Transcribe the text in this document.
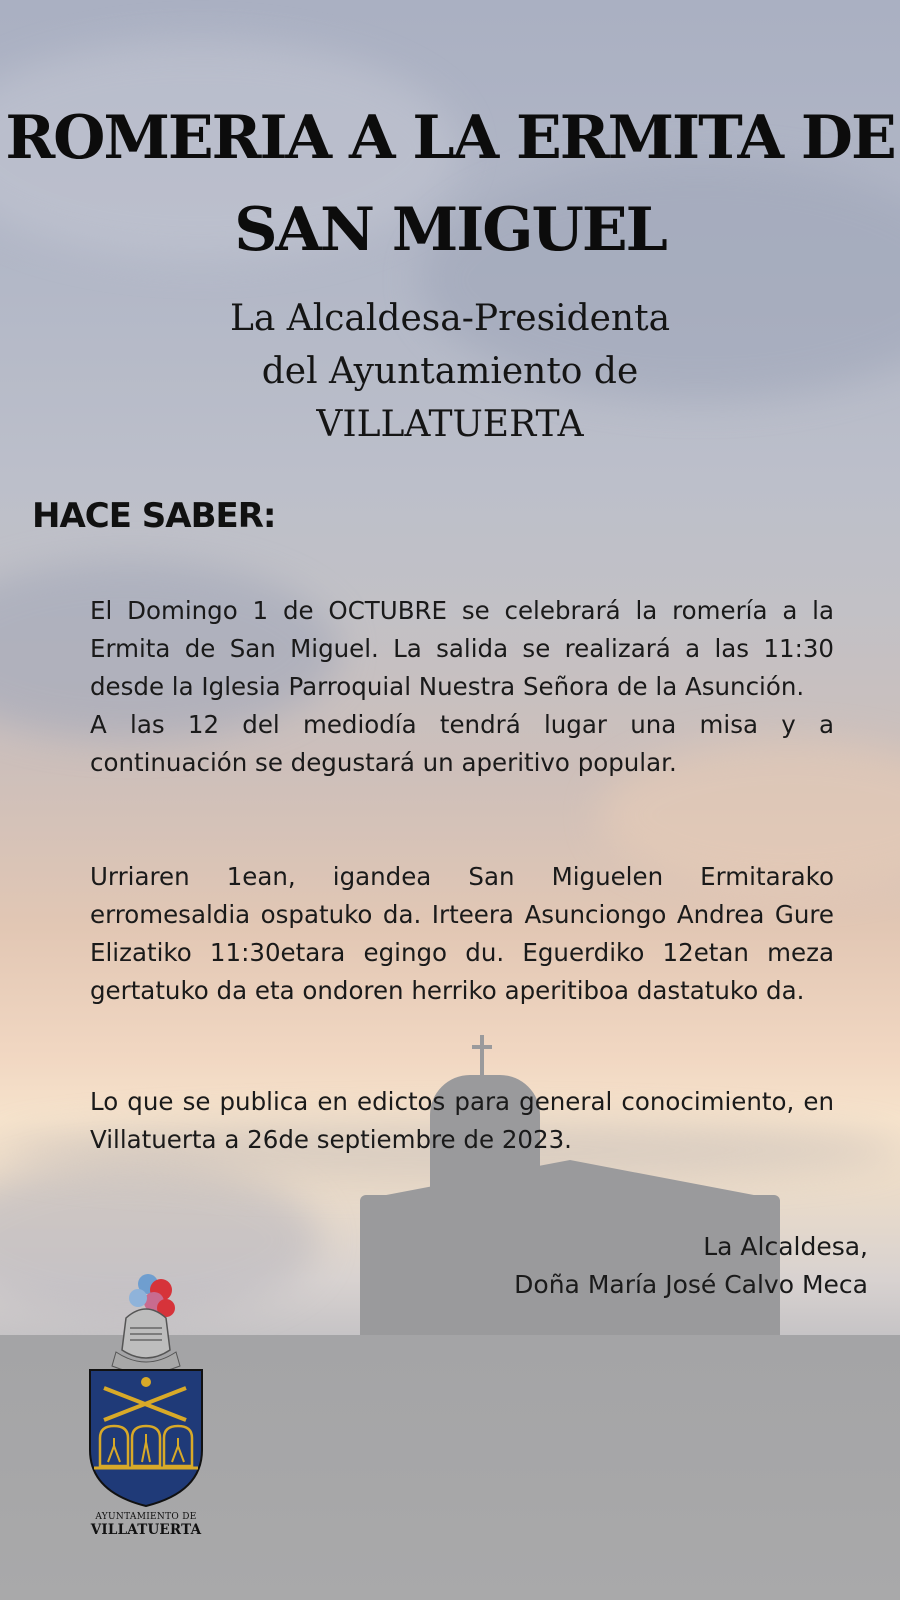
ROMERIA A LA ERMITA DE
SAN MIGUEL
La Alcaldesa-Presidenta
del Ayuntamiento de
VILLATUERTA
HACE SABER:

El Domingo 1 de OCTUBRE se celebrará la romería a la Ermita de San Miguel. La salida se realizará a las 11:30 desde la Iglesia Parroquial Nuestra Señora de la Asunción.

A las 12 del mediodía tendrá lugar una misa y a continuación se degustará un aperitivo popular.

Urriaren 1ean, igandea San Miguelen Ermitarako erromesaldia ospatuko da. Irteera Asunciongo Andrea Gure Elizatiko 11:30etara egingo du. Eguerdiko 12etan meza gertatuko da eta ondoren herriko aperitiboa dastatuko da.

Lo que se publica en edictos para general conocimiento, en Villatuerta a 26de septiembre de 2023.

La Alcaldesa,
Doña María José Calvo Meca
AYUNTAMIENTO DE
VILLATUERTA
